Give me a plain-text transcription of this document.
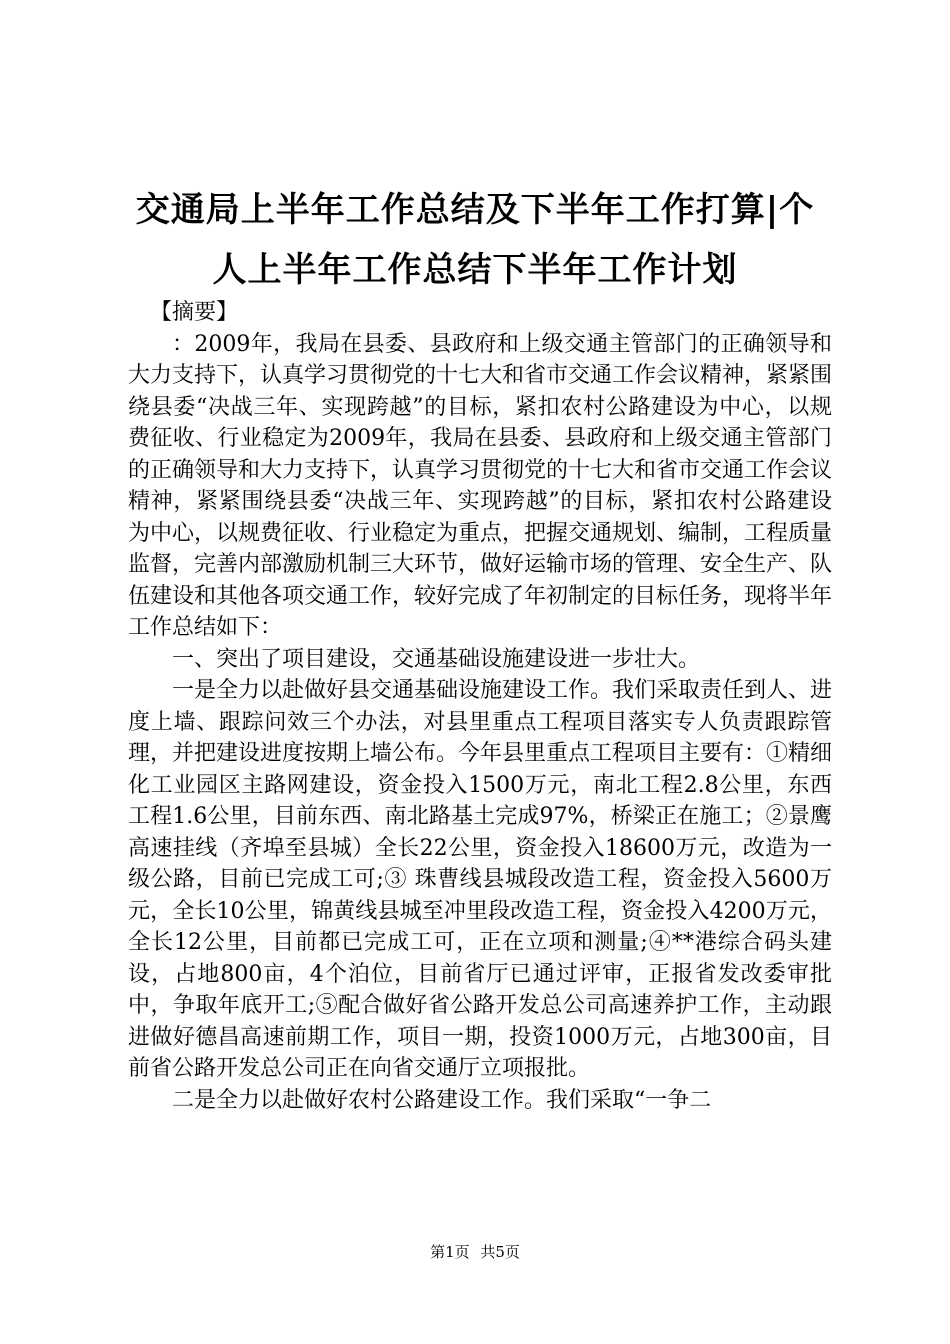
交通局上半年工作总结及下半年工作打算|个
人上半年工作总结下半年工作计划

【摘要】

：2009年，我局在县委、县政府和上级交通主管部门的正确领导和大力支持下，认真学习贯彻党的十七大和省市交通工作会议精神，紧紧围绕县委“决战三年、实现跨越”的目标，紧扣农村公路建设为中心，以规费征收、行业稳定为2009年，我局在县委、县政府和上级交通主管部门的正确领导和大力支持下，认真学习贯彻党的十七大和省市交通工作会议精神，紧紧围绕县委“决战三年、实现跨越”的目标，紧扣农村公路建设为中心，以规费征收、行业稳定为重点，把握交通规划、编制，工程质量监督，完善内部激励机制三大环节，做好运输市场的管理、安全生产、队伍建设和其他各项交通工作，较好完成了年初制定的目标任务，现将半年工作总结如下：

一、突出了项目建设，交通基础设施建设进一步壮大。

一是全力以赴做好县交通基础设施建设工作。我们采取责任到人、进度上墙、跟踪问效三个办法，对县里重点工程项目落实专人负责跟踪管理，并把建设进度按期上墙公布。今年县里重点工程项目主要有：①精细化工业园区主路网建设，资金投入1500万元，南北工程2.8公里，东西工程1.6公里，目前东西、南北路基土完成97%，桥梁正在施工；②景鹰高速挂线（齐埠至县城）全长22公里，资金投入18600万元，改造为一级公路，目前已完成工可;③ 珠曹线县城段改造工程，资金投入5600万元，全长10公里，锦黄线县城至冲里段改造工程，资金投入4200万元，全长12公里，目前都已完成工可，正在立项和测量;④**港综合码头建设，占地800亩，4个泊位，目前省厅已通过评审，正报省发改委审批中，争取年底开工;⑤配合做好省公路开发总公司高速养护工作，主动跟进做好德昌高速前期工作，项目一期，投资1000万元，占地300亩，目前省公路开发总公司正在向省交通厅立项报批。

二是全力以赴做好农村公路建设工作。我们采取“一争二

第1页 共5页
